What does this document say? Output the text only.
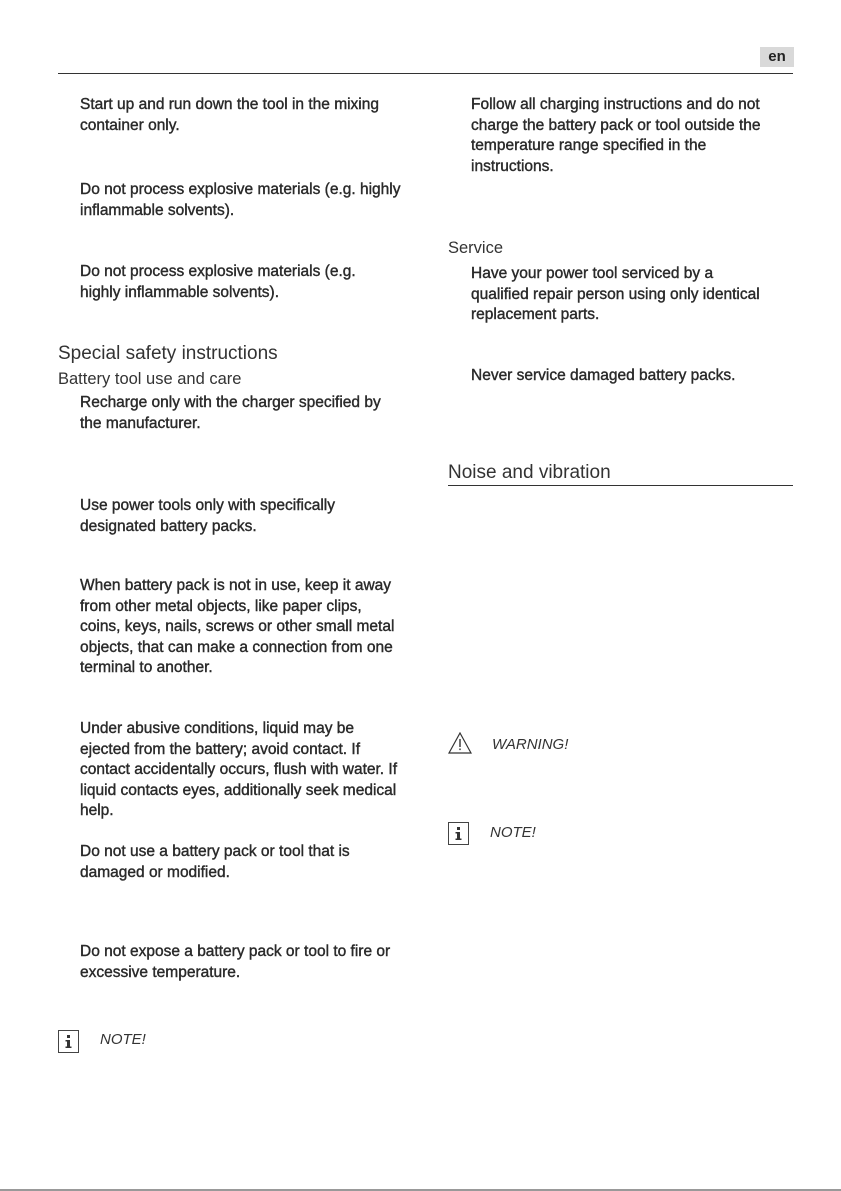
en
Start up and run down the tool in the mixing container only.
Do not process explosive materials (e.g. highly inflammable solvents).
Do not process explosive materials (e.g. highly inflammable solvents).
Special safety instructions
Battery tool use and care
Recharge only with the charger specified by the manufacturer.
Use power tools only with specifically designated battery packs.
When battery pack is not in use, keep it away from other metal objects, like paper clips, coins, keys, nails, screws or other small metal objects, that can make a connection from one terminal to another.
Under abusive conditions, liquid may be ejected from the battery; avoid contact. If contact accidentally occurs, flush with water. If liquid contacts eyes, additionally seek medical help.
Do not use a battery pack or tool that is damaged or modified.
Do not expose a battery pack or tool to fire or excessive temperature.
NOTE!
Follow all charging instructions and do not charge the battery pack or tool outside the temperature range specified in the instructions.
Service
Have your power tool serviced by a qualified repair person using only identical replacement parts.
Never service damaged battery packs.
Noise and vibration
WARNING!
NOTE!
